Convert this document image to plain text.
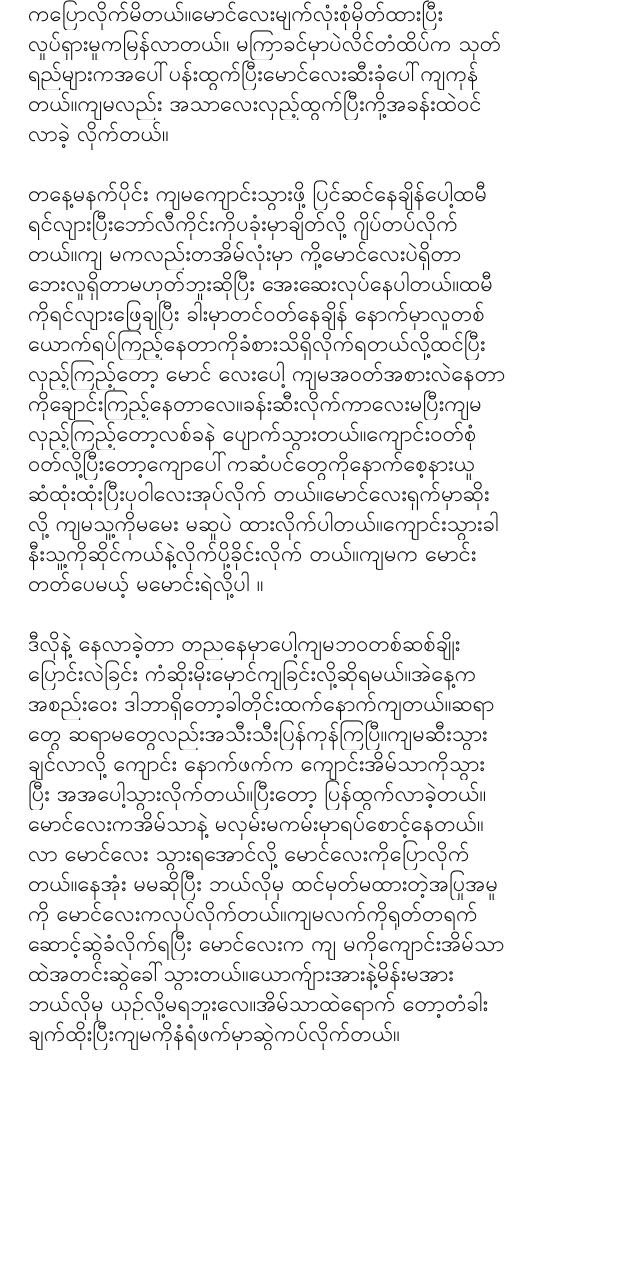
ကပြောလိုက်မိတယ်။မောင်လေးမျက်လုံးစုံမှိတ်ထားပြီး
လှုပ်ရှားမှုကမြန်လာတယ်။ မကြာခင်မှာပဲလိင်တံထိပ်က သုတ်
ရည်များကအပေါ်ပန်းထွက်ပြီးမောင်လေးဆီးခုံပေါ်ကျကုန်
တယ်။ကျမလည်း အသာလေးလှည့်ထွက်ပြီးကို့အခန်းထဲဝင်
လာခဲ့ လိုက်တယ်။
တနေ့မနက်ပိုင်း ကျမကျောင်းသွားဖို့ ပြင်ဆင်နေချိန်ပေါ့ထမီ
ရင်လျားပြီးဘော်လီကိုင်းကိုပခုံးမှာချိတ်လို့ ဂျိပ်တပ်လိုက်
တယ်။ကျ မကလည်းတအိမ်လုံးမှာ ကို့မောင်လေးပဲရှိတာ
ဘေးလူရှိတာမဟုတ်ဘူးဆိုပြီး အေးဆေးလုပ်နေပါတယ်။ထမီ
ကိုရင်လျားဖြေချပြီး ခါးမှာတင်ဝတ်နေချိန် နောက်မှာလူတစ်
ယောက်ရပ်ကြည့်နေတာကိုခံစားသိရှိလိုက်ရတယ်လို့ထင်ပြီး
လှည့်ကြည့်တော့ မောင် လေးပေါ့ ကျမအဝတ်အစားလဲနေတာ
ကိုချောင်းကြည့်နေတာလေ။ခန်းဆီးလိုက်ကာလေးမပြီးကျမ
လှည့်ကြည့်တော့လစ်ခနဲ ပျောက်သွားတယ်။ကျောင်းဝတ်စုံ
ဝတ်လို့ပြီးတော့ကျောပေါ်ကဆံပင်တွေကိုနောက်စေ့နားယူ
ဆံထုံးထုံးပြီးပုဝါလေးအုပ်လိုက် တယ်။မောင်လေးရှက်မှာဆိုး
လို့ ကျမသူ့ကိုမမေး မဆူပဲ ထားလိုက်ပါတယ်။ကျောင်းသွားခါ
နီးသူ့ကိုဆိုင်ကယ်နဲ့လိုက်ပို့ခိုင်းလိုက် တယ်။ကျမက မောင်း
တတ်ပေမယ့် မမောင်းရဲလို့ပါ ။
ဒီလိုနဲ့ နေလာခဲ့တာ တညနေမှာပေါ့ကျမဘဝတစ်ဆစ်ချိုး
ပြောင်းလဲခြင်း ကံဆိုးမိုးမှောင်ကျခြင်းလို့ဆိုရမယ်။အဲနေ့က
အစည်းဝေး ဒါဘာရှိတော့ခါတိုင်းထက်နောက်ကျတယ်။ဆရာ
တွေ ဆရာမတွေလည်းအသီးသီးပြန်ကုန်ကြပြီ။ကျမဆီးသွား
ချင်လာလို့ ကျောင်း နောက်ဖက်က ကျောင်းအိမ်သာကိုသွား
ပြီး အအပေါ့သွားလိုက်တယ်။ပြီးတော့ ပြန်ထွက်လာခဲ့တယ်။
မောင်လေးကအိမ်သာနဲ့ မလှမ်းမကမ်းမှာရပ်စောင့်နေတယ်။
လာ မောင်လေး သွားရအောင်လို့ မောင်လေးကိုပြောလိုက်
တယ်။နေအုံး မမဆိုပြီး ဘယ်လိုမှ ထင်မှတ်မထားတဲ့အပြုအမူ
ကို မောင်လေးကလုပ်လိုက်တယ်။ကျမလက်ကိုရုတ်တရက်
ဆောင့်ဆွဲခံလိုက်ရပြီး မောင်လေးက ကျ မကိုကျောင်းအိမ်သာ
ထဲအတင်းဆွဲခေါ်သွားတယ်။ယောက်ျားအားနဲ့မိန်းမအား
ဘယ်လိုမှ ယှဉ်လို့မရဘူးလေ။အိမ်သာထဲရောက် တော့တံခါး
ချက်ထိုးပြီးကျမကိုနံရံဖက်မှာဆွဲကပ်လိုက်တယ်။
